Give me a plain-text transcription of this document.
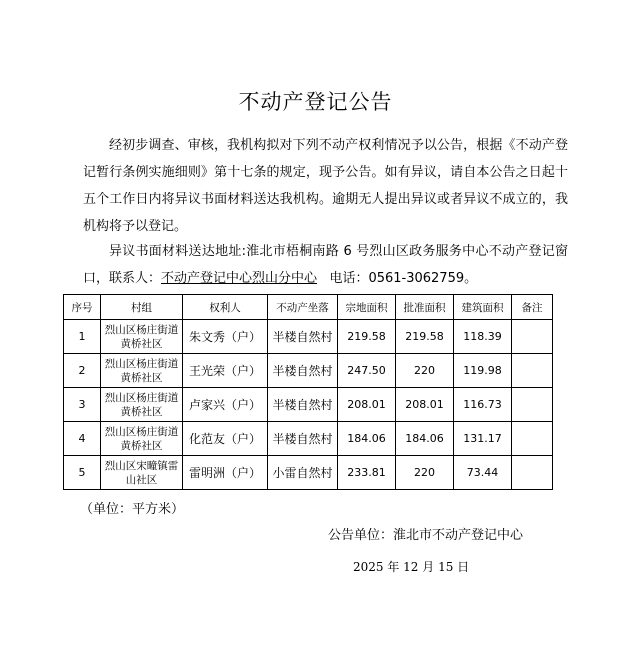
不动产登记公告
经初步调查、审核，我机构拟对下列不动产权利情况予以公告，根据《不动产登记暂行条例实施细则》第十七条的规定，现予公告。如有异议，请自本公告之日起十五个工作日内将异议书面材料送达我机构。逾期无人提出异议或者异议不成立的，我机构将予以登记。
异议书面材料送达地址:淮北市梧桐南路 6 号烈山区政务服务中心不动产登记窗口，联系人：不动产登记中心烈山分中心 电话：0561-3062759。
序号	村组	权利人	不动产坐落	宗地面积	批准面积	建筑面积	备注
1	烈山区杨庄街道黄桥社区	朱文秀（户）	半楼自然村	219.58	219.58	118.39	
2	烈山区杨庄街道黄桥社区	王光荣（户）	半楼自然村	247.50	220	119.98	
3	烈山区杨庄街道黄桥社区	卢家兴（户）	半楼自然村	208.01	208.01	116.73	
4	烈山区杨庄街道黄桥社区	化范友（户）	半楼自然村	184.06	184.06	131.17	
5	烈山区宋疃镇雷山社区	雷明洲（户）	小雷自然村	233.81	220	73.44	
（单位：平方米）
公告单位：淮北市不动产登记中心
2025 年 12 月 15 日
